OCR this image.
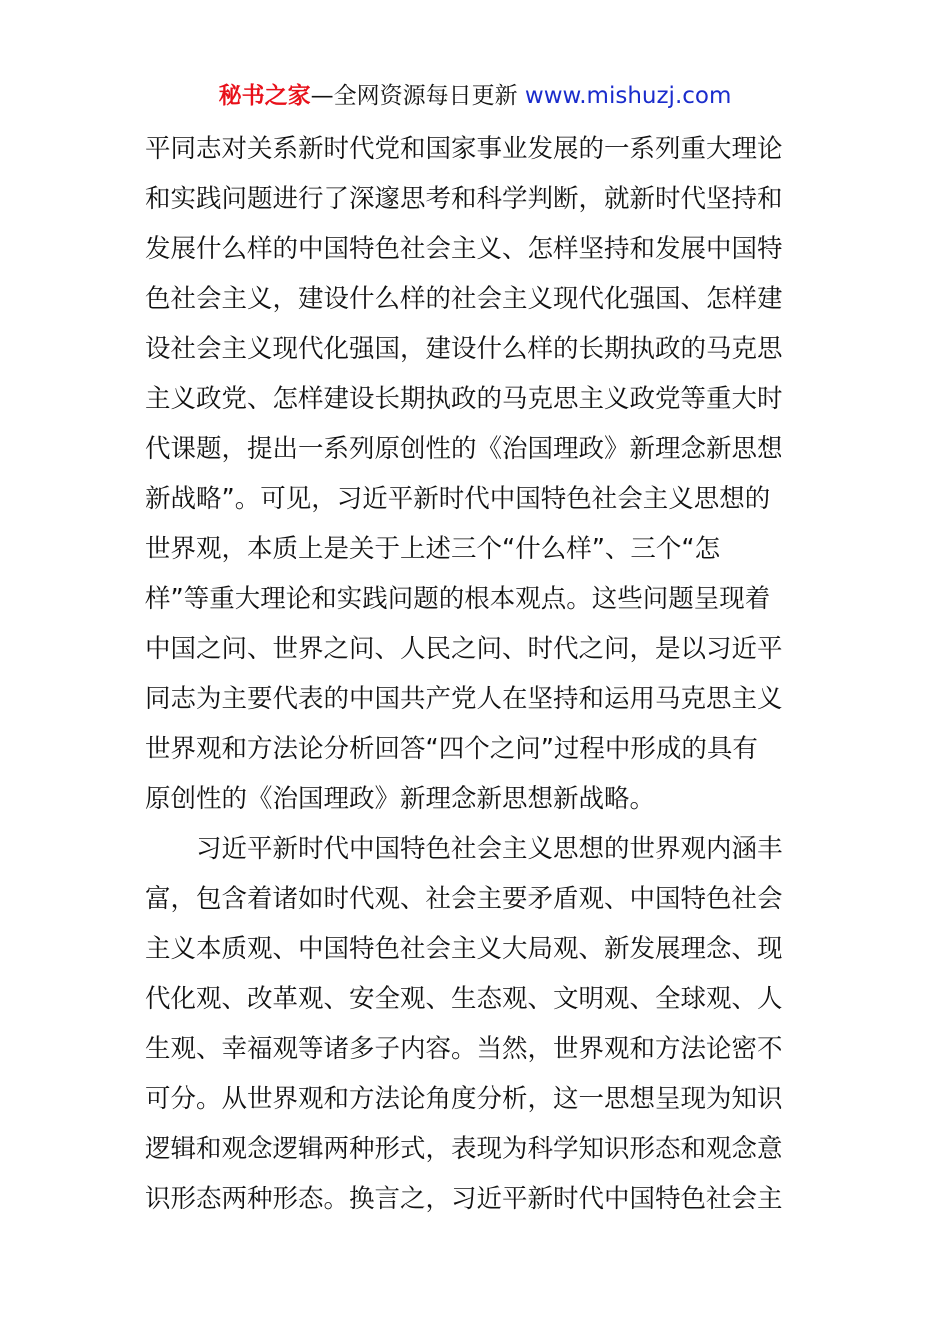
秘书之家—全网资源每日更新 www.mishuzj.com
平同志对关系新时代党和国家事业发展的一系列重大理论
和实践问题进行了深邃思考和科学判断，就新时代坚持和
发展什么样的中国特色社会主义、怎样坚持和发展中国特
色社会主义，建设什么样的社会主义现代化强国、怎样建
设社会主义现代化强国，建设什么样的长期执政的马克思
主义政党、怎样建设长期执政的马克思主义政党等重大时
代课题，提出一系列原创性的《治国理政》新理念新思想
新战略”。可见，习近平新时代中国特色社会主义思想的
世界观，本质上是关于上述三个“什么样”、三个“怎
样”等重大理论和实践问题的根本观点。这些问题呈现着
中国之问、世界之问、人民之问、时代之问，是以习近平
同志为主要代表的中国共产党人在坚持和运用马克思主义
世界观和方法论分析回答“四个之问”过程中形成的具有
原创性的《治国理政》新理念新思想新战略。
习近平新时代中国特色社会主义思想的世界观内涵丰
富，包含着诸如时代观、社会主要矛盾观、中国特色社会
主义本质观、中国特色社会主义大局观、新发展理念、现
代化观、改革观、安全观、生态观、文明观、全球观、人
生观、幸福观等诸多子内容。当然，世界观和方法论密不
可分。从世界观和方法论角度分析，这一思想呈现为知识
逻辑和观念逻辑两种形式，表现为科学知识形态和观念意
识形态两种形态。换言之，习近平新时代中国特色社会主
